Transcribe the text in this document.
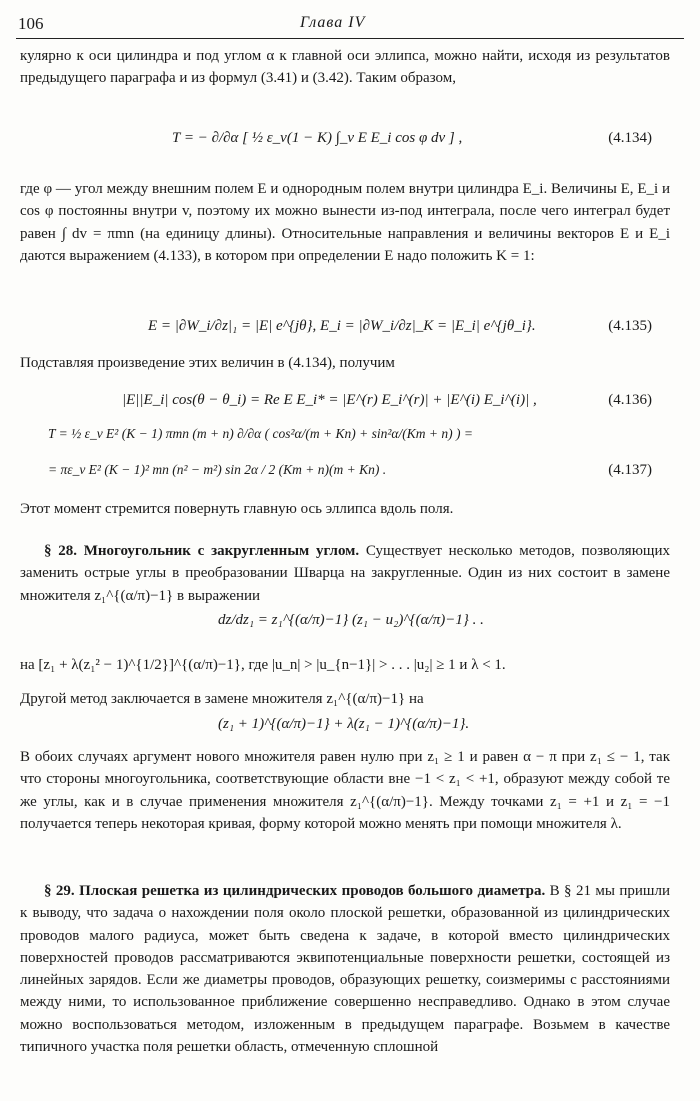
106	Глава IV
кулярно к оси цилиндра и под углом α к главной оси эллипса, можно найти, исходя из результатов предыдущего параграфа и из формул (3.41) и (3.42). Таким образом,
T = − ∂/∂α [ ½ ε_v(1 − K) ∫_v E E_i cos φ dv ] ,	(4.134)
где φ — угол между внешним полем E и однородным полем внутри цилиндра E_i. Величины E, E_i и cos φ постоянны внутри v, поэтому их можно вынести из-под интеграла, после чего интеграл будет равен ∫ dv = πmn (на единицу длины). Относительные направления и величины векторов E и E_i даются выражением (4.133), в котором при определении E надо положить K = 1:
E = |∂W_i/∂z|₁ = |E| e^{jθ}, E_i = |∂W_i/∂z|_K = |E_i| e^{jθ_i}.	(4.135)
Подставляя произведение этих величин в (4.134), получим
|E||E_i| cos(θ − θ_i) = Re E E_i* = |E^(r) E_i^(r)| + |E^(i) E_i^(i)| ,	(4.136)
T = ½ ε_v E² (K − 1) πmn (m + n) ∂/∂α ( cos²α/(m + Kn) + sin²α/(Km + n) ) =
= πε_v E² (K − 1)² mn (n² − m²) sin 2α / 2 (Km + n)(m + Kn) .	(4.137)
Этот момент стремится повернуть главную ось эллипса вдоль поля.
§ 28. Многоугольник с закругленным углом. Существует несколько методов, позволяющих заменить острые углы в преобразовании Шварца на закругленные. Один из них состоит в замене множителя z₁^{(α/π)−1} в выражении
dz/dz₁ = z₁^{(α/π)−1} (z₁ − u₂)^{(α/π)−1} . .
на [z₁ + λ(z₁² − 1)^{1/2}]^{(α/π)−1}, где |u_n| > |u_{n−1}| > . . . |u₂| ≥ 1 и λ < 1.
Другой метод заключается в замене множителя z₁^{(α/π)−1} на
(z₁ + 1)^{(α/π)−1} + λ(z₁ − 1)^{(α/π)−1}.
В обоих случаях аргумент нового множителя равен нулю при z₁ ≥ 1 и равен α − π при z₁ ≤ − 1, так что стороны многоугольника, соответствующие области вне −1 < z₁ < +1, образуют между собой те же углы, как и в случае применения множителя z₁^{(α/π)−1}. Между точками z₁ = +1 и z₁ = −1 получается теперь некоторая кривая, форму которой можно менять при помощи множителя λ.
§ 29. Плоская решетка из цилиндрических проводов большого диаметра. В § 21 мы пришли к выводу, что задача о нахождении поля около плоской решетки, образованной из цилиндрических проводов малого радиуса, может быть сведена к задаче, в которой вместо цилиндрических поверхностей проводов рассматриваются эквипотенциальные поверхности решетки, состоящей из линейных зарядов. Если же диаметры проводов, образующих решетку, соизмеримы с расстояниями между ними, то использованное приближение совершенно несправедливо. Однако в этом случае можно воспользоваться методом, изложенным в предыдущем параграфе. Возьмем в качестве типичного участка поля решетки область, отмеченную сплошной
